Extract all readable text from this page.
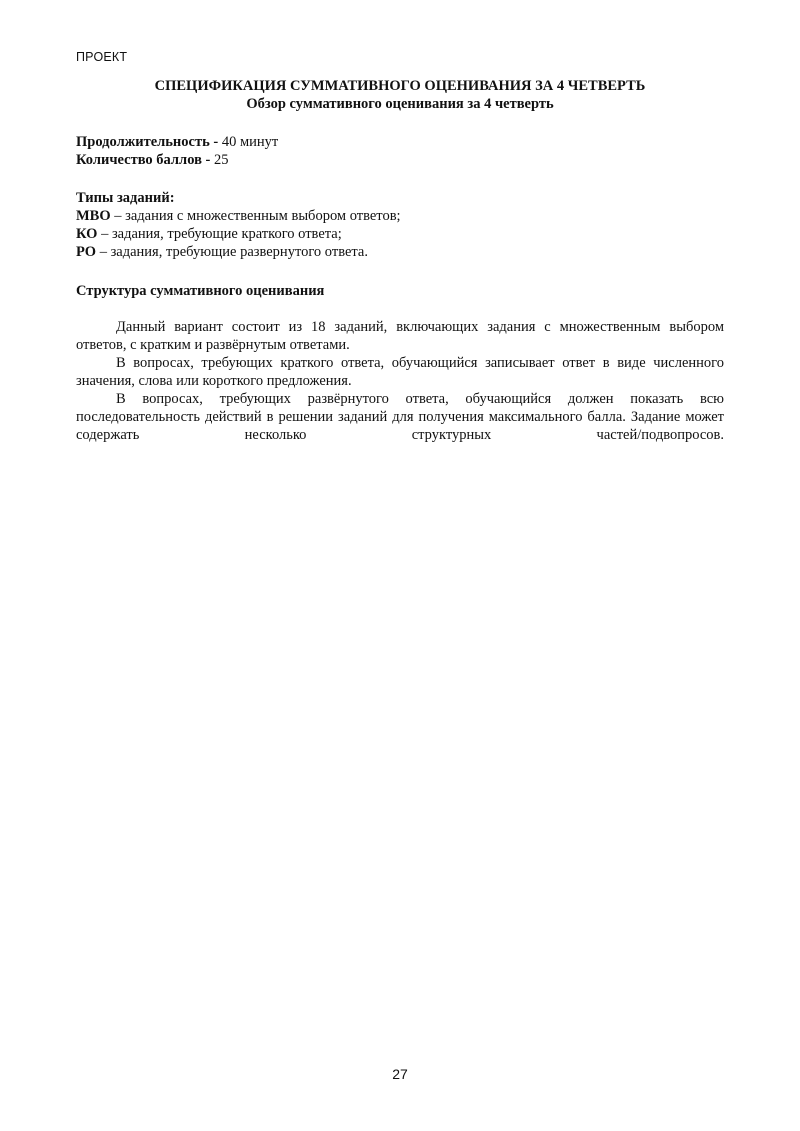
ПРОЕКТ
СПЕЦИФИКАЦИЯ СУММАТИВНОГО ОЦЕНИВАНИЯ ЗА 4 ЧЕТВЕРТЬ
Обзор суммативного оценивания за 4 четверть
Продолжительность - 40 минут
Количество баллов - 25
Типы заданий:
МВО – задания с множественным выбором ответов;
КО – задания, требующие краткого ответа;
РО – задания, требующие развернутого ответа.
Структура суммативного оценивания

Данный вариант состоит из 18 заданий, включающих задания с множественным выбором ответов, с кратким и развёрнутым ответами.

В вопросах, требующих краткого ответа, обучающийся записывает ответ в виде численного значения, слова или короткого предложения.

В вопросах, требующих развёрнутого ответа, обучающийся должен показать всю последовательность действий в решении заданий для получения максимального балла. Задание может содержать несколько структурных частей/подвопросов.

27
